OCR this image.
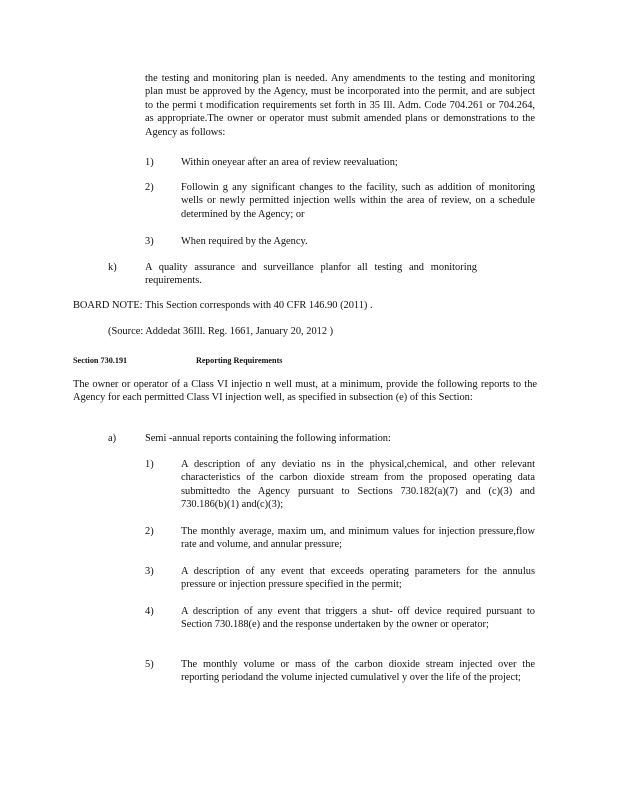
the testing and monitoring plan is needed. Any amendments to the testing and monitoring plan must be approved by the Agency, must be incorporated into the permit, and are subject to the permi t modification requirements set forth in 35 Ill. Adm. Code 704.261 or 704.264, as appropriate.The owner or operator must submit amended plans or demonstrations to the Agency as follows:

1)	Within oneyear after an area of review reevaluation;

2)	Followin g any significant changes to the facility, such as addition of monitoring wells or newly permitted injection wells within the area of review, on a schedule determined by the Agency; or

3)	When required by the Agency.

k)	A quality assurance and surveillance planfor all testing and monitoring requirements.

BOARD NOTE: This Section corresponds with 40 CFR 146.90 (2011) .

(Source: Addedat 36Ill. Reg. 1661, January 20, 2012 )

Section 730.191	Reporting Requirements

The owner or operator of a Class VI injectio n well must, at a minimum, provide the following reports to the Agency for each permitted Class VI injection well, as specified in subsection (e) of this Section:

a)	Semi -annual reports containing the following information:

1)	A description of any deviatio ns in the physical,chemical, and other relevant characteristics of the carbon dioxide stream from the proposed operating data submittedto the Agency pursuant to Sections 730.182(a)(7) and (c)(3) and 730.186(b)(1) and(c)(3);

2)	The monthly average, maxim um, and minimum values for injection pressure,flow rate and volume, and annular pressure;

3)	A description of any event that exceeds operating parameters for the annulus pressure or injection pressure specified in the permit;

4)	A description of any event that triggers a shut- off device required pursuant to Section 730.188(e) and the response undertaken by the owner or operator;

5)	The monthly volume or mass of the carbon dioxide stream injected over the reporting periodand the volume injected cumulativel y over the life of the project;
